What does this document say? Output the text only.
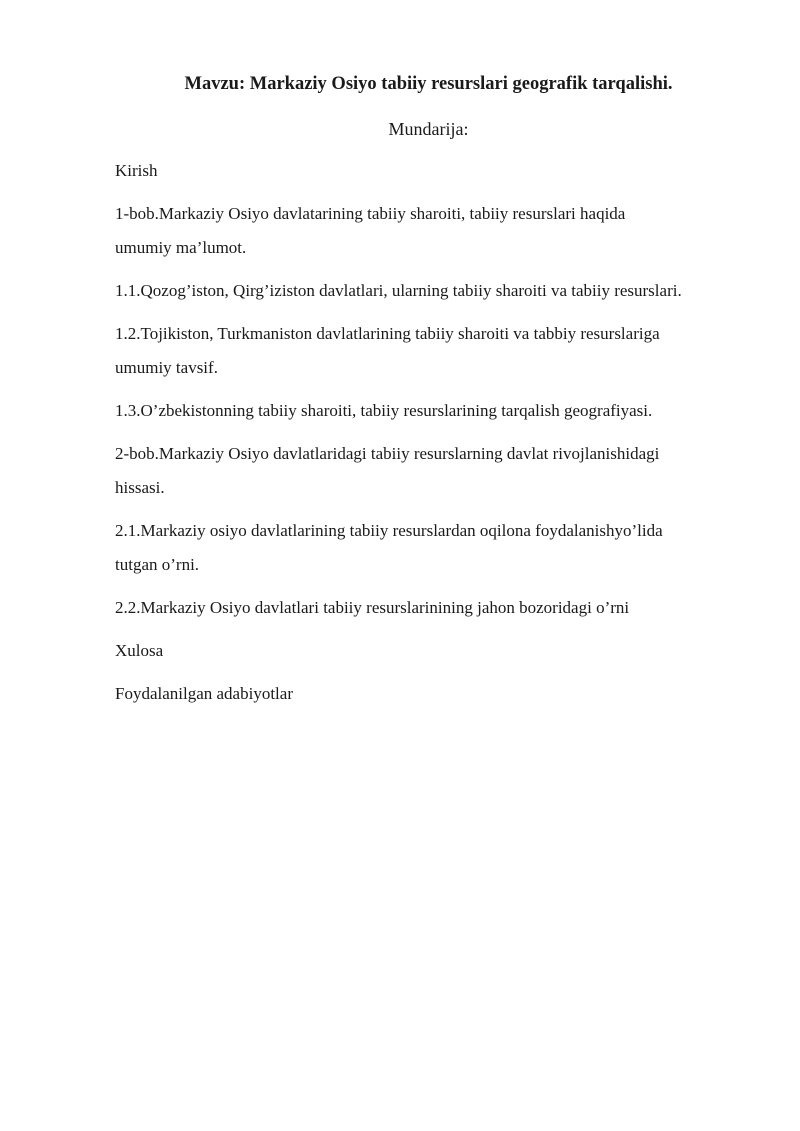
Mavzu: Markaziy Osiyo tabiiy resurslari geografik tarqalishi.

Mundarija:

Kirish

1-bob.Markaziy Osiyo davlatarining tabiiy sharoiti, tabiiy resurslari haqida
umumiy ma’lumot.

1.1.Qozog’iston, Qirg’iziston davlatlari, ularning tabiiy sharoiti va tabiiy resurslari.

1.2.Tojikiston, Turkmaniston davlatlarining tabiiy sharoiti va tabbiy resurslariga
umumiy tavsif.

1.3.O’zbekistonning tabiiy sharoiti, tabiiy resurslarining tarqalish geografiyasi.

2-bob.Markaziy Osiyo davlatlaridagi tabiiy resurslarning davlat rivojlanishidagi
hissasi.

2.1.Markaziy osiyo davlatlarining tabiiy resurslardan oqilona foydalanishyo’lida
tutgan o’rni.

2.2.Markaziy Osiyo davlatlari tabiiy resurslarinining jahon bozoridagi o’rni

Xulosa

Foydalanilgan adabiyotlar
